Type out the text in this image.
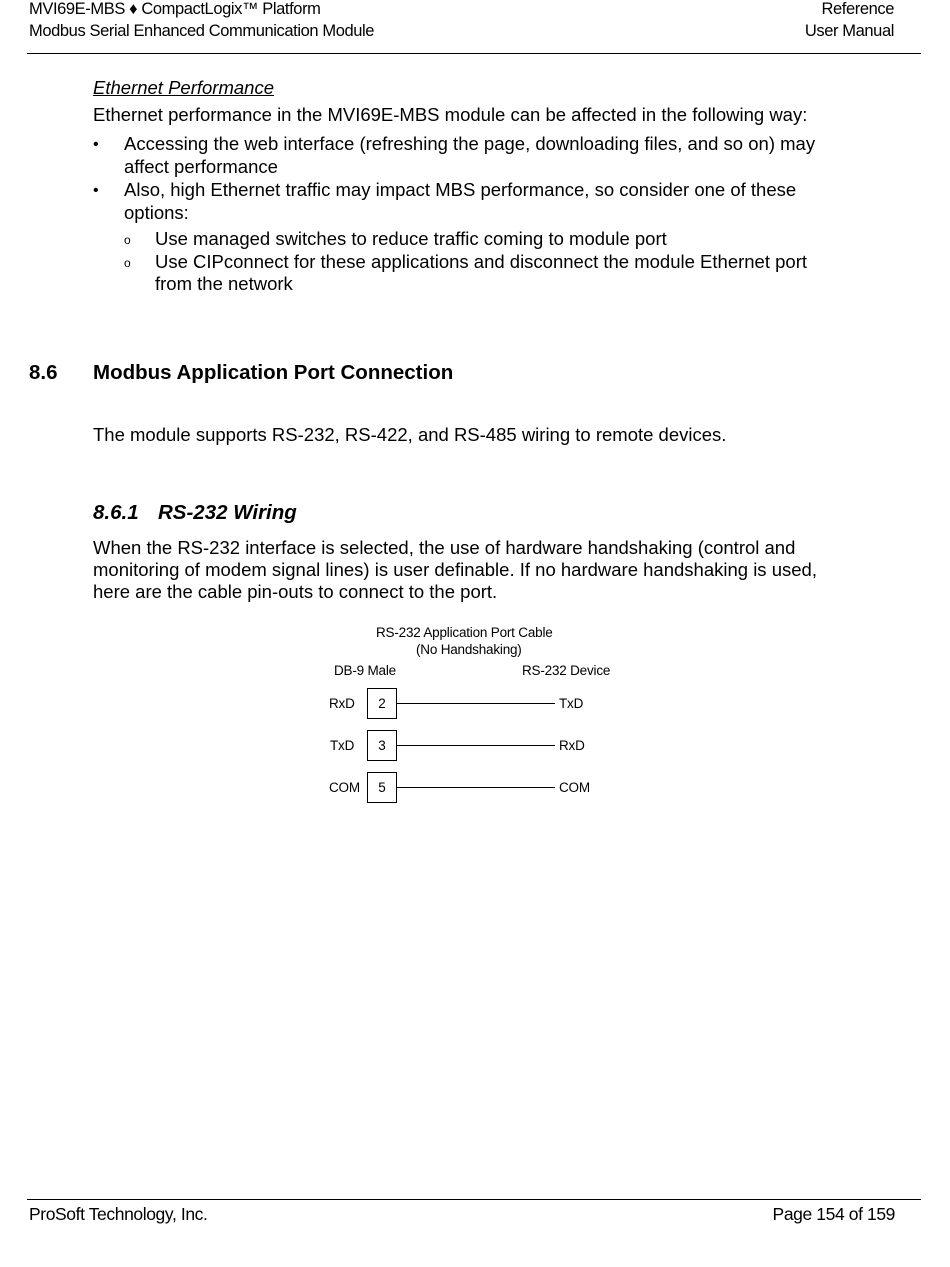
MVI69E-MBS ♦ CompactLogix™ Platform
Modbus Serial Enhanced Communication Module
Reference
User Manual
Ethernet Performance
Ethernet performance in the MVI69E-MBS module can be affected in the following way:
• Accessing the web interface (refreshing the page, downloading files, and so on) may
affect performance
• Also, high Ethernet traffic may impact MBS performance, so consider one of these
options:
o Use managed switches to reduce traffic coming to module port
o Use CIPconnect for these applications and disconnect the module Ethernet port
from the network
8.6 Modbus Application Port Connection
The module supports RS-232, RS-422, and RS-485 wiring to remote devices.
8.6.1 RS-232 Wiring
When the RS-232 interface is selected, the use of hardware handshaking (control and
monitoring of modem signal lines) is user definable. If no hardware handshaking is used,
here are the cable pin-outs to connect to the port.
RS-232 Application Port Cable
(No Handshaking)
DB-9 Male	RS-232 Device
RxD	2	TxD
TxD	3	RxD
COM	5	COM
ProSoft Technology, Inc.	Page 154 of 159
